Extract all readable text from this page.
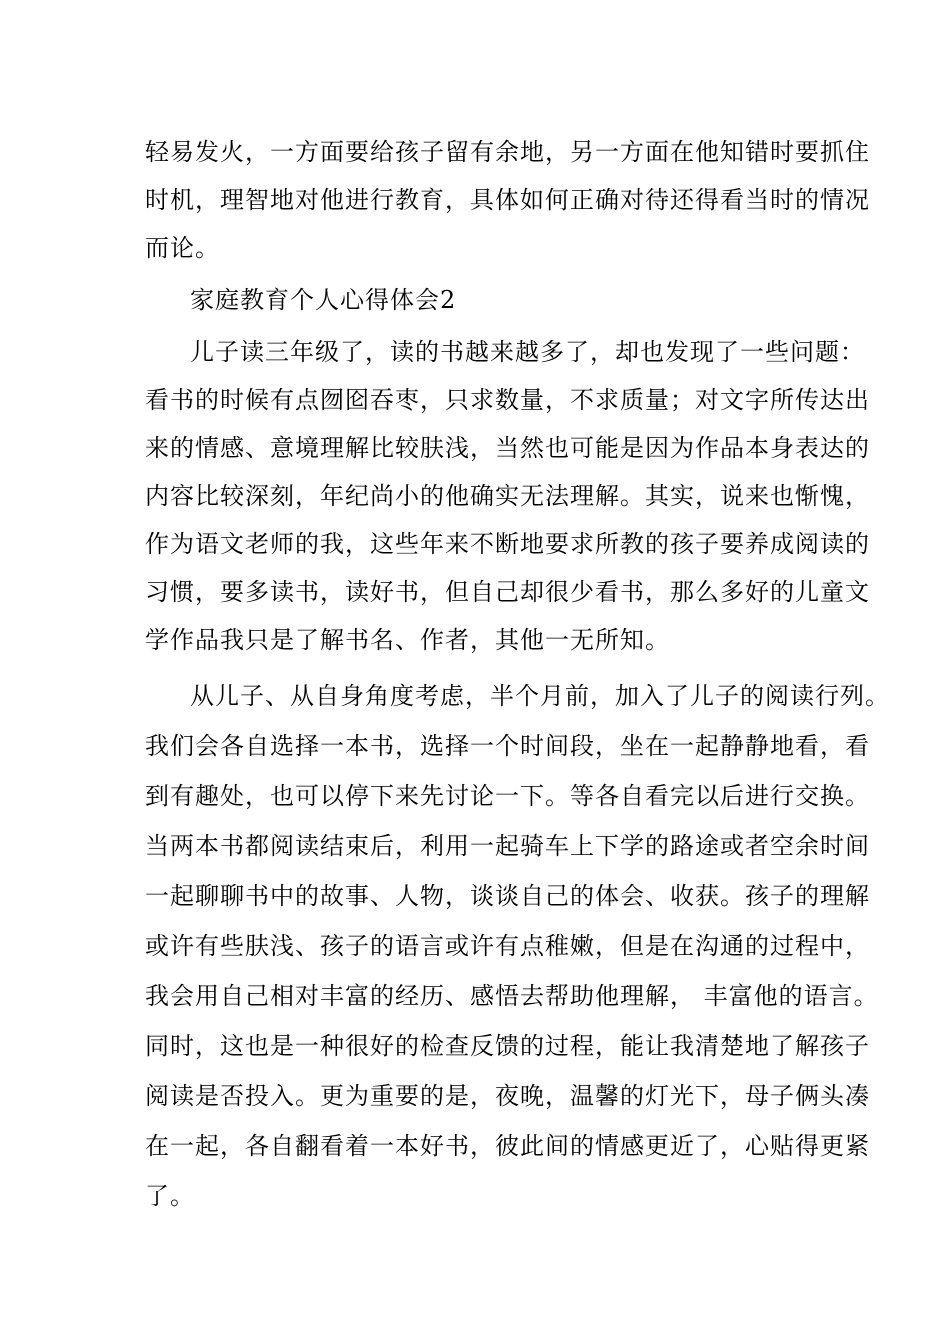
轻易发火，一方面要给孩子留有余地，另一方面在他知错时要抓住
时机，理智地对他进行教育，具体如何正确对待还得看当时的情况
而论。
家庭教育个人心得体会2
儿子读三年级了，读的书越来越多了，却也发现了一些问题：
看书的时候有点囫囵吞枣，只求数量，不求质量；对文字所传达出
来的情感、意境理解比较肤浅，当然也可能是因为作品本身表达的
内容比较深刻，年纪尚小的他确实无法理解。其实，说来也惭愧，
作为语文老师的我，这些年来不断地要求所教的孩子要养成阅读的
习惯，要多读书，读好书，但自己却很少看书，那么多好的儿童文
学作品我只是了解书名、作者，其他一无所知。
从儿子、从自身角度考虑，半个月前，加入了儿子的阅读行列。
我们会各自选择一本书，选择一个时间段，坐在一起静静地看，看
到有趣处，也可以停下来先讨论一下。等各自看完以后进行交换。
当两本书都阅读结束后，利用一起骑车上下学的路途或者空余时间
一起聊聊书中的故事、人物，谈谈自己的体会、收获。孩子的理解
或许有些肤浅、孩子的语言或许有点稚嫩，但是在沟通的过程中，
我会用自己相对丰富的经历、感悟去帮助他理解， 丰富他的语言。
同时，这也是一种很好的检查反馈的过程，能让我清楚地了解孩子
阅读是否投入。更为重要的是，夜晚，温馨的灯光下，母子俩头凑
在一起，各自翻看着一本好书，彼此间的情感更近了，心贴得更紧
了。
